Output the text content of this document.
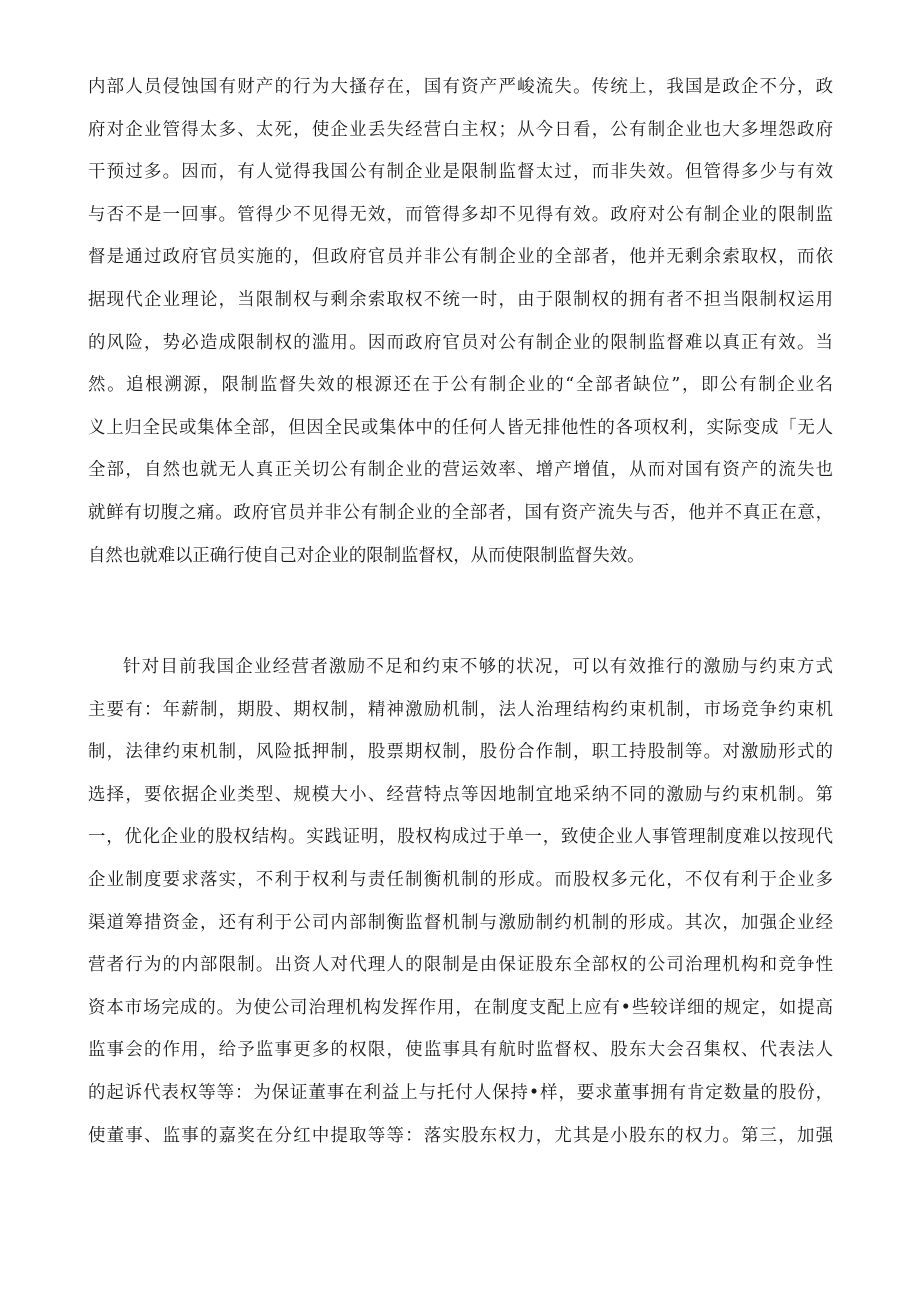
内部人员侵蚀国有财产的行为大搔存在，国有资产严峻流失。传统上，我国是政企不分，政
府对企业管得太多、太死，使企业丢失经营白主权；从今日看，公有制企业也大多埋怨政府
干预过多。因而，有人觉得我国公有制企业是限制监督太过，而非失效。但管得多少与有效
与否不是一回事。管得少不见得无效，而管得多却不见得有效。政府对公有制企业的限制监
督是通过政府官员实施的，但政府官员并非公有制企业的全部者，他并无剩余索取权，而依
据现代企业理论，当限制权与剩余索取权不统一时，由于限制权的拥有者不担当限制权运用
的风险，势必造成限制权的滥用。因而政府官员对公有制企业的限制监督难以真正有效。当
然。追根溯源，限制监督失效的根源还在于公有制企业的“全部者缺位”，即公有制企业名
义上归全民或集体全部，但因全民或集体中的任何人皆无排他性的各项权利，实际变成「无人
全部，自然也就无人真正关切公有制企业的营运效率、增产增值，从而对国有资产的流失也
就鲜有切腹之痛。政府官员并非公有制企业的全部者，国有资产流失与否，他并不真正在意，
自然也就难以正确行使自己对企业的限制监督权，从而使限制监督失效。
针对目前我国企业经营者激励不足和约束不够的状况，可以有效推行的激励与约束方式
主要有：年薪制，期股、期权制，精神激励机制，法人治理结构约束机制，市场竞争约束机
制，法律约束机制，风险抵押制，股票期权制，股份合作制，职工持股制等。对激励形式的
选择，要依据企业类型、规模大小、经营特点等因地制宜地采纳不同的激励与约束机制。第
一，优化企业的股权结构。实践证明，股权构成过于单一，致使企业人事管理制度难以按现代
企业制度要求落实，不利于权利与责任制衡机制的形成。而股权多元化，不仅有利于企业多
渠道筹措资金，还有利于公司内部制衡监督机制与激励制约机制的形成。其次，加强企业经
营者行为的内部限制。出资人对代理人的限制是由保证股东全部权的公司治理机构和竞争性
资本市场完成的。为使公司治理机构发挥作用，在制度支配上应有•些较详细的规定，如提高
监事会的作用，给予监事更多的权限，使监事具有航时监督权、股东大会召集权、代表法人
的起诉代表权等等：为保证董事在利益上与托付人保持•样，要求董事拥有肯定数量的股份，
使董事、监事的嘉奖在分红中提取等等：落实股东权力，尤其是小股东的权力。第三，加强
